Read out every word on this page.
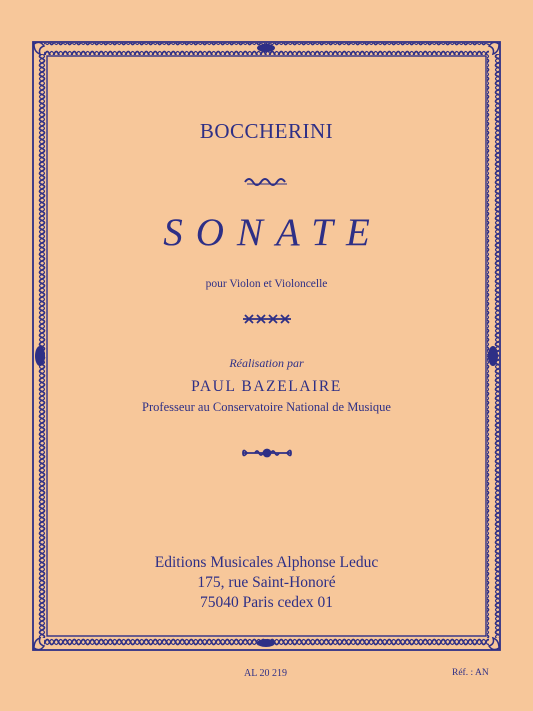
BOCCHERINI
SONATE
pour Violon et Violoncelle
Réalisation par
PAUL BAZELAIRE
Professeur au Conservatoire National de Musique
Editions Musicales Alphonse Leduc
175, rue Saint-Honoré
75040 Paris cedex 01
AL 20 219	Réf. : AN
